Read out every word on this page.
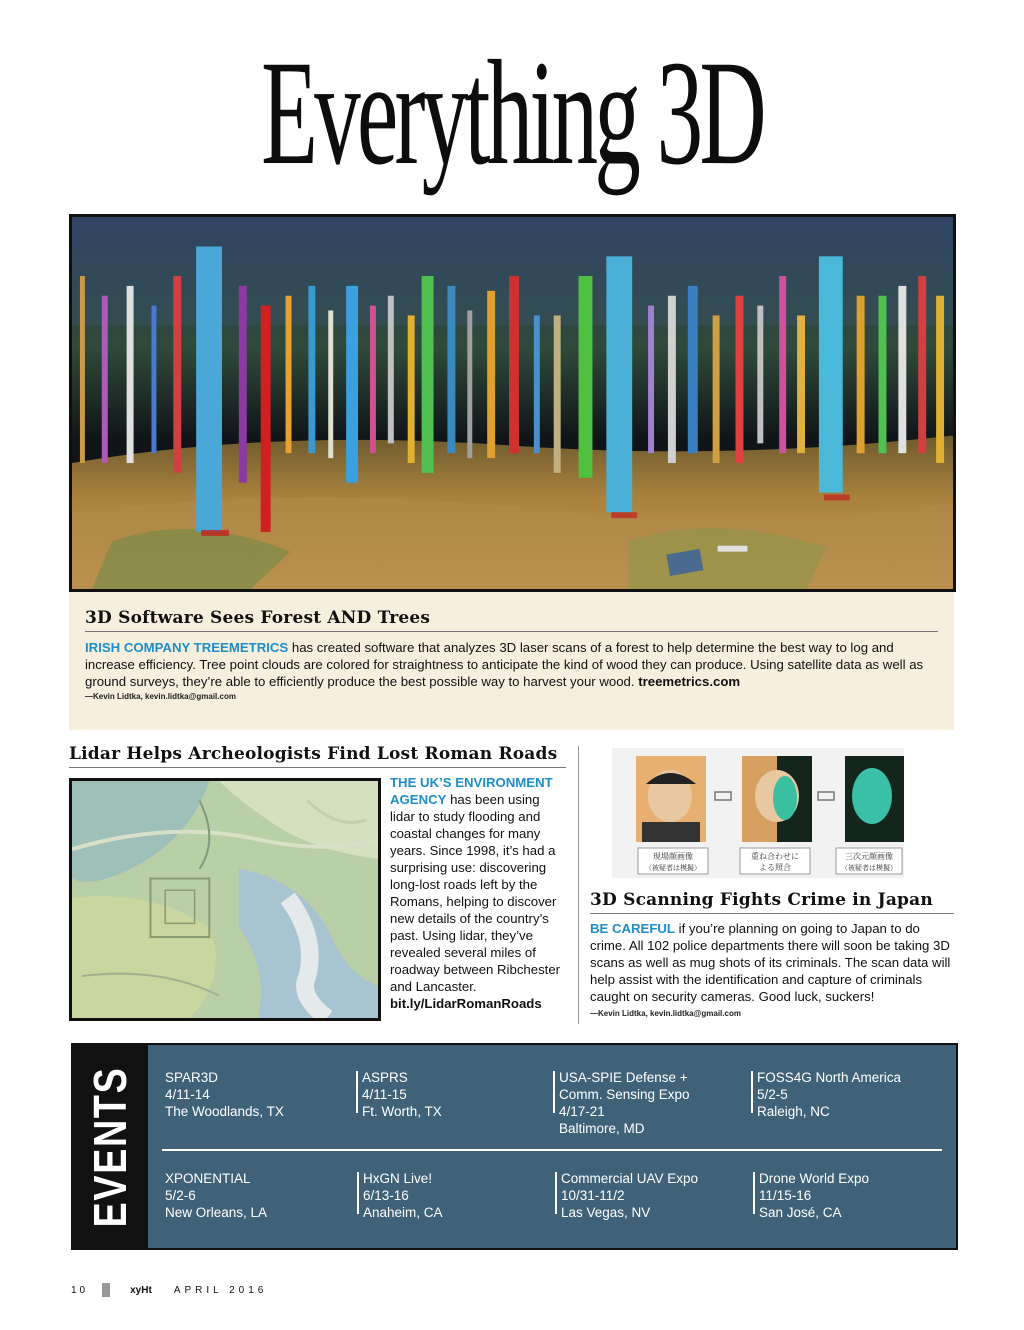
Everything 3D
3D Software Sees Forest AND Trees

IRISH COMPANY TREEMETRICS has created software that analyzes 3D laser scans of a forest to help determine the best way to log and increase efficiency. Tree point clouds are colored for straightness to anticipate the kind of wood they can produce. Using satellite data as well as ground surveys, they’re able to efficiently produce the best possible way to harvest your wood. treemetrics.com

—Kevin Lidtka, kevin.lidtka@gmail.com
Lidar Helps Archeologists Find Lost Roman Roads

THE UK’S ENVIRONMENT AGENCY has been using lidar to study flooding and coastal changes for many years. Since 1998, it’s had a surprising use: discovering long-lost roads left by the Romans, helping to discover new details of the country’s past. Using lidar, they’ve revealed several miles of roadway between Ribchester and Lancaster.
bit.ly/LidarRomanRoads

現場顔画像
（被疑者は模擬）
重ね合わせに
よる照合
三次元顔画像
（被疑者は模擬）
3D Scanning Fights Crime in Japan

BE CAREFUL if you’re planning on going to Japan to do crime. All 102 police departments there will soon be taking 3D scans as well as mug shots of its criminals. The scan data will help assist with the identification and capture of criminals caught on security cameras. Good luck, suckers!

—Kevin Lidtka, kevin.lidtka@gmail.com
EVENTS SPAR3D
4/11-14
The Woodlands, TX
ASPRS
4/11-15
Ft. Worth, TX
USA-SPIE Defense + Comm. Sensing Expo
4/17-21
Baltimore, MD
FOSS4G North America
5/2-5
Raleigh, NC
XPONENTIAL
5/2-6
New Orleans, LA
HxGN Live!
6/13-16
Anaheim, CA
Commercial UAV Expo
10/31-11/2
Las Vegas, NV
Drone World Expo
11/15-16
San José, CA
10	xyHt APRIL 2016
